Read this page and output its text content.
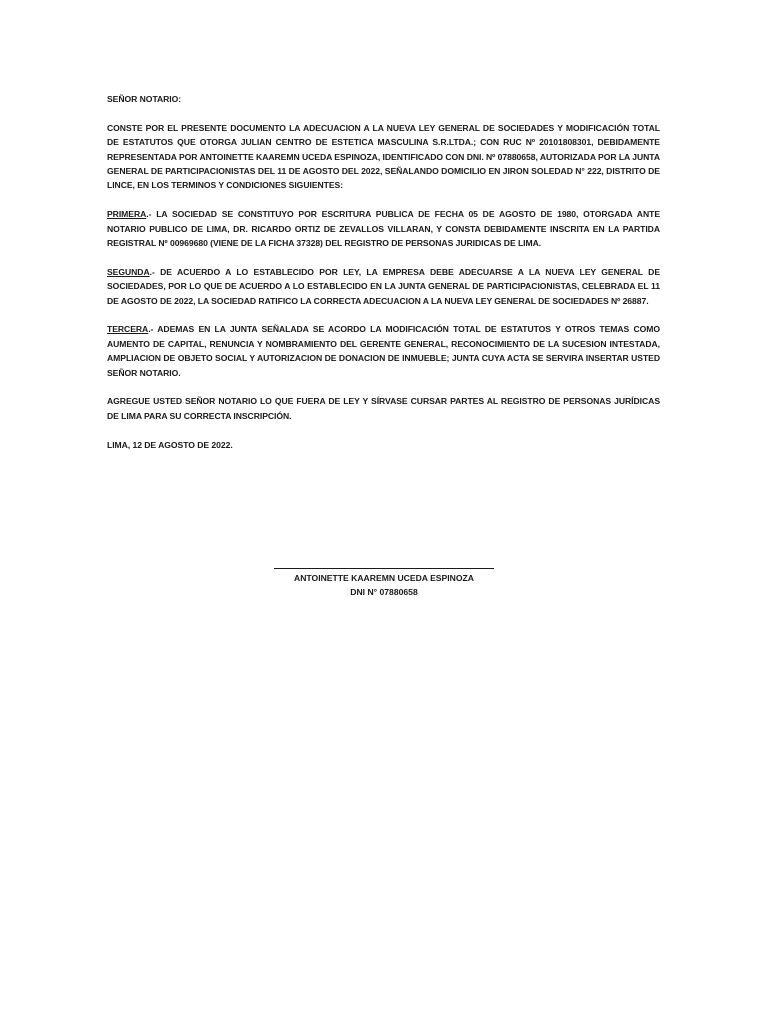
SEÑOR NOTARIO:

CONSTE POR EL PRESENTE DOCUMENTO LA ADECUACION A LA NUEVA LEY GENERAL DE SOCIEDADES Y MODIFICACIÓN TOTAL DE ESTATUTOS QUE OTORGA JULIAN CENTRO DE ESTETICA MASCULINA S.R.LTDA.; CON RUC Nº 20101808301, DEBIDAMENTE REPRESENTADA POR ANTOINETTE KAAREMN UCEDA ESPINOZA, IDENTIFICADO CON DNI. Nº 07880658, AUTORIZADA POR LA JUNTA GENERAL DE PARTICIPACIONISTAS DEL 11 DE AGOSTO DEL 2022, SEÑALANDO DOMICILIO EN JIRON SOLEDAD N° 222, DISTRITO DE LINCE, EN LOS TERMINOS Y CONDICIONES SIGUIENTES:

PRIMERA.- LA SOCIEDAD SE CONSTITUYO POR ESCRITURA PUBLICA DE FECHA 05 DE AGOSTO DE 1980, OTORGADA ANTE NOTARIO PUBLICO DE LIMA, DR. RICARDO ORTIZ DE ZEVALLOS VILLARAN, Y CONSTA DEBIDAMENTE INSCRITA EN LA PARTIDA REGISTRAL Nº 00969680 (VIENE DE LA FICHA 37328) DEL REGISTRO DE PERSONAS JURIDICAS DE LIMA.

SEGUNDA.- DE ACUERDO A LO ESTABLECIDO POR LEY, LA EMPRESA DEBE ADECUARSE A LA NUEVA LEY GENERAL DE SOCIEDADES, POR LO QUE DE ACUERDO A LO ESTABLECIDO EN LA JUNTA GENERAL DE PARTICIPACIONISTAS, CELEBRADA EL 11 DE AGOSTO DE 2022, LA SOCIEDAD RATIFICO LA CORRECTA ADECUACION A LA NUEVA LEY GENERAL DE SOCIEDADES Nº 26887.

TERCERA.- ADEMAS EN LA JUNTA SEÑALADA SE ACORDO LA MODIFICACIÓN TOTAL DE ESTATUTOS Y OTROS TEMAS COMO AUMENTO DE CAPITAL, RENUNCIA Y NOMBRAMIENTO DEL GERENTE GENERAL, RECONOCIMIENTO DE LA SUCESION INTESTADA, AMPLIACION DE OBJETO SOCIAL Y AUTORIZACION DE DONACION DE INMUEBLE; JUNTA CUYA ACTA SE SERVIRA INSERTAR USTED SEÑOR NOTARIO.

AGREGUE USTED SEÑOR NOTARIO LO QUE FUERA DE LEY Y SÍRVASE CURSAR PARTES AL REGISTRO DE PERSONAS JURÍDICAS DE LIMA PARA SU CORRECTA INSCRIPCIÓN.

LIMA, 12 DE AGOSTO DE 2022.

ANTOINETTE KAAREMN UCEDA ESPINOZA
DNI N° 07880658
